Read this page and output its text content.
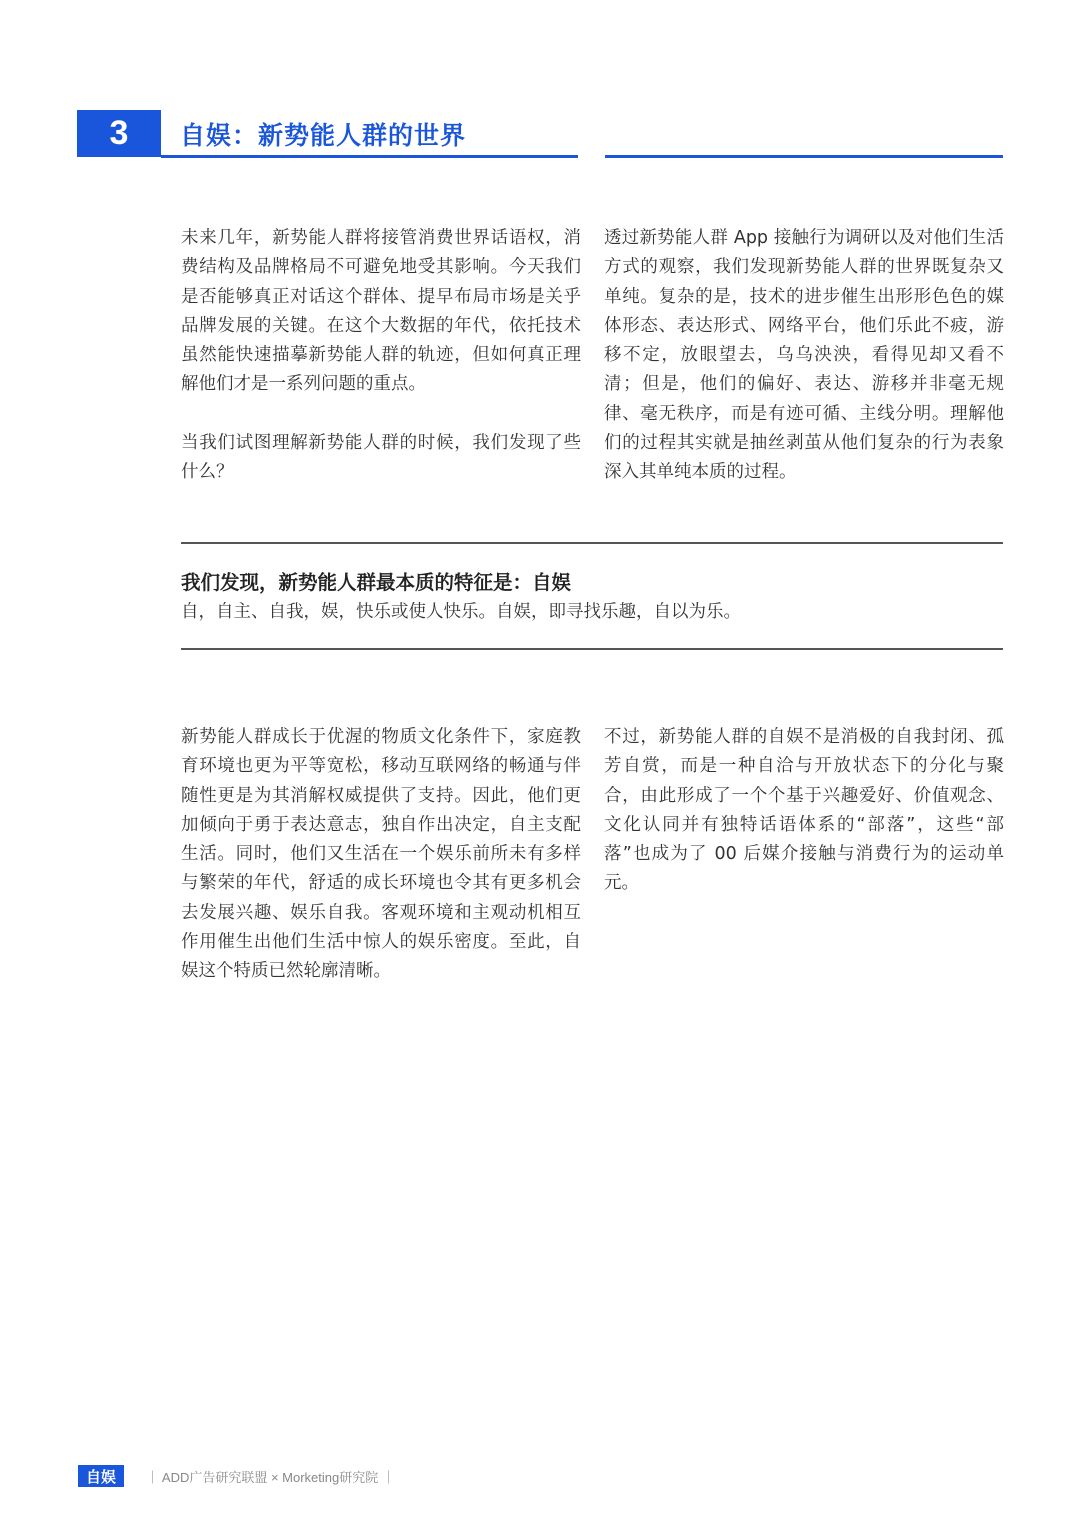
3	自娱：新势能人群的世界

未来几年，新势能人群将接管消费世界话语权，消费结构及品牌格局不可避免地受其影响。今天我们是否能够真正对话这个群体、提早布局市场是关乎品牌发展的关键。在这个大数据的年代，依托技术虽然能快速描摹新势能人群的轨迹，但如何真正理解他们才是一系列问题的重点。

当我们试图理解新势能人群的时候，我们发现了些什么？

透过新势能人群 App 接触行为调研以及对他们生活方式的观察，我们发现新势能人群的世界既复杂又单纯。复杂的是，技术的进步催生出形形色色的媒体形态、表达形式、网络平台，他们乐此不疲，游移不定，放眼望去，乌乌泱泱，看得见却又看不清；但是，他们的偏好、表达、游移并非毫无规律、毫无秩序，而是有迹可循、主线分明。理解他们的过程其实就是抽丝剥茧从他们复杂的行为表象深入其单纯本质的过程。

我们发现，新势能人群最本质的特征是：自娱
自，自主、自我，娱，快乐或使人快乐。自娱，即寻找乐趣，自以为乐。

新势能人群成长于优渥的物质文化条件下，家庭教育环境也更为平等宽松，移动互联网络的畅通与伴随性更是为其消解权威提供了支持。因此，他们更加倾向于勇于表达意志，独自作出决定，自主支配生活。同时，他们又生活在一个娱乐前所未有多样与繁荣的年代，舒适的成长环境也令其有更多机会去发展兴趣、娱乐自我。客观环境和主观动机相互作用催生出他们生活中惊人的娱乐密度。至此，自娱这个特质已然轮廓清晰。

不过，新势能人群的自娱不是消极的自我封闭、孤芳自赏，而是一种自洽与开放状态下的分化与聚合，由此形成了一个个基于兴趣爱好、价值观念、文化认同并有独特话语体系的“部落”，这些“部落”也成为了 00 后媒介接触与消费行为的运动单元。

自娱	｜ ADD广告研究联盟 × Morketing研究院 ｜
